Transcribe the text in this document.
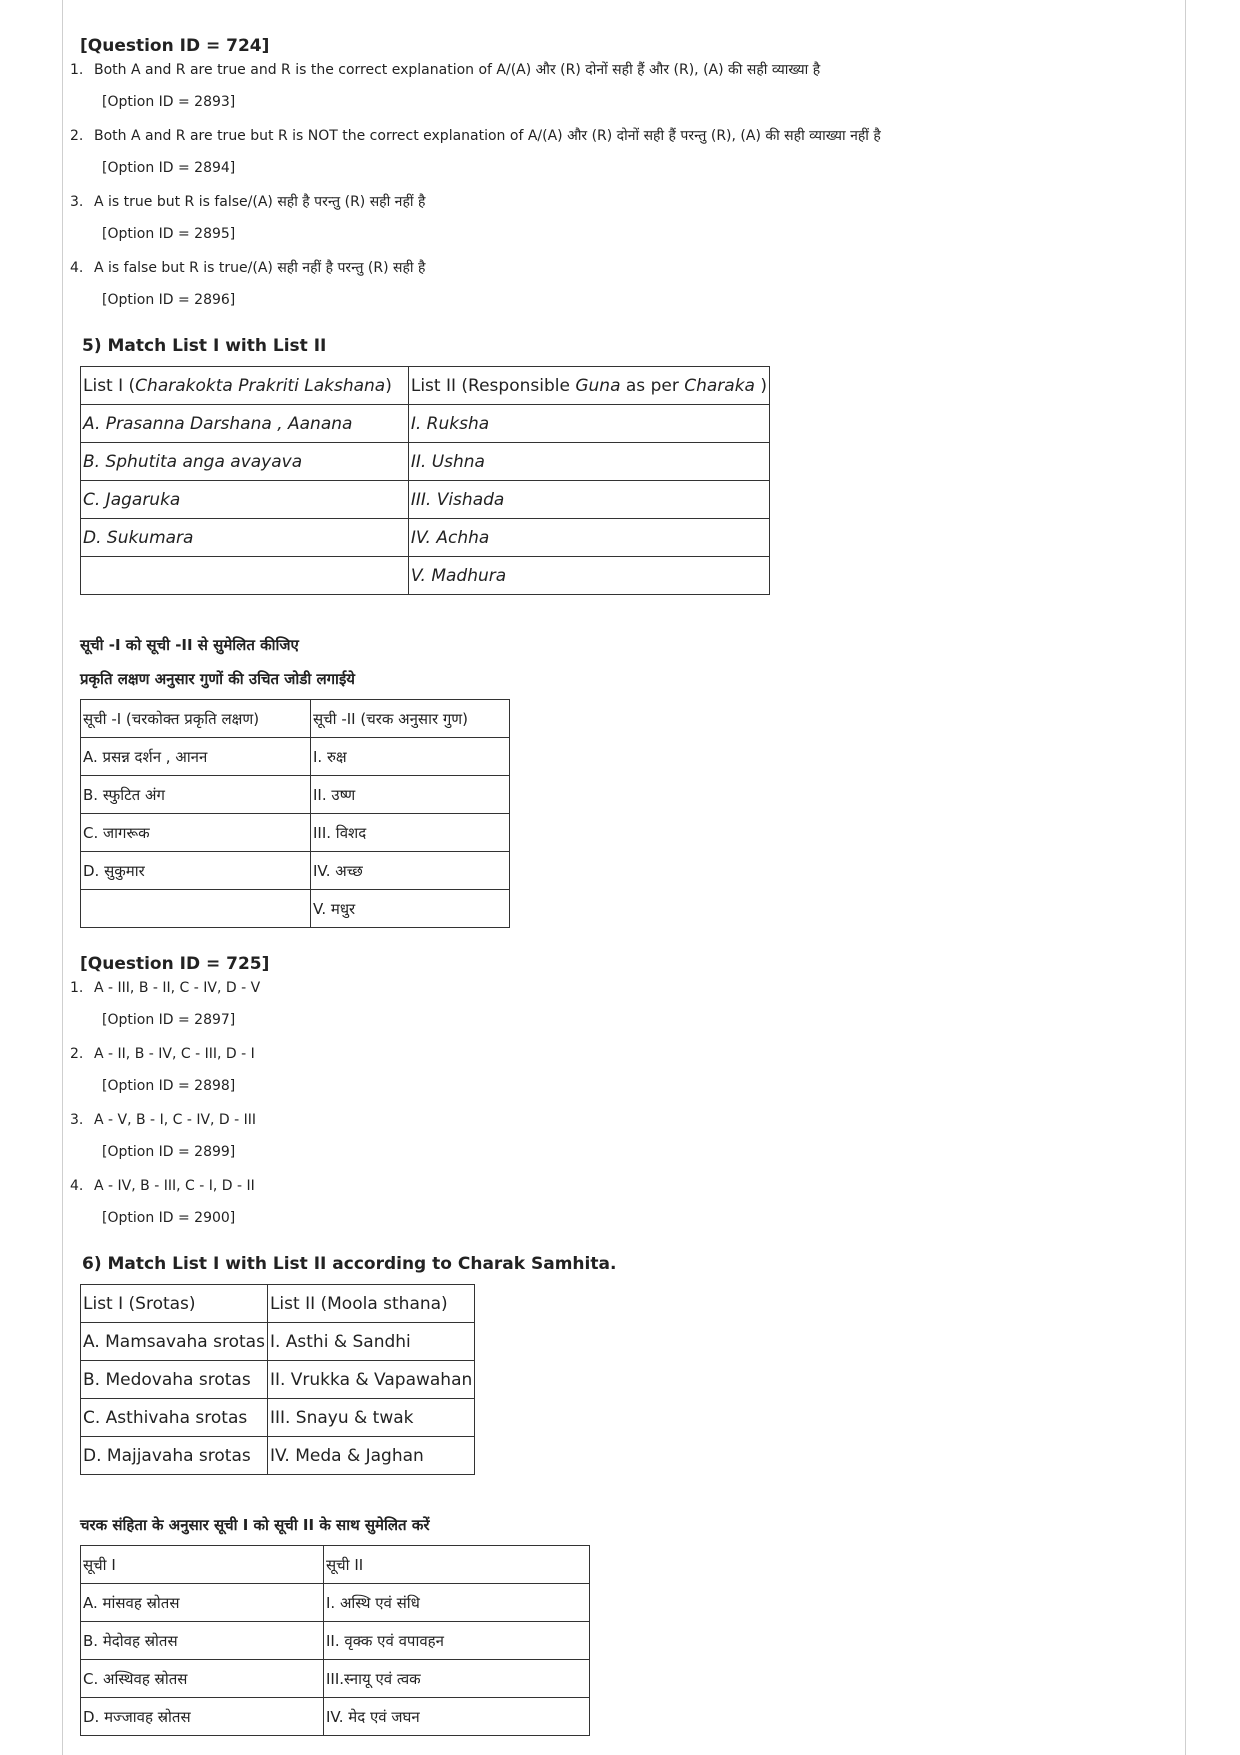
[Question ID = 724]
1. Both A and R are true and R is the correct explanation of A/(A) और (R) दोनों सही हैं और (R), (A) की सही व्याख्या है
[Option ID = 2893]
2. Both A and R are true but R is NOT the correct explanation of A/(A) और (R) दोनों सही हैं परन्तु (R), (A) की सही व्याख्या नहीं है
[Option ID = 2894]
3. A is true but R is false/(A) सही है परन्तु (R) सही नहीं है
[Option ID = 2895]
4. A is false but R is true/(A) सही नहीं है परन्तु (R) सही है
[Option ID = 2896]
5) Match List I with List II
List I (Charakokta Prakriti Lakshana)	List II (Responsible Guna as per Charaka )
A. Prasanna Darshana , Aanana	I. Ruksha
B. Sphutita anga avayava	II. Ushna
C. Jagaruka	III. Vishada
D. Sukumara	IV. Achha
	V. Madhura
सूची -I को सूची -II से सुमेलित कीजिए
प्रकृति लक्षण अनुसार गुणों की उचित जोडी लगाईये
सूची -I (चरकोक्त प्रकृति लक्षण)	सूची -II (चरक अनुसार गुण)
A. प्रसन्न दर्शन , आनन	I. रुक्ष
B. स्फुटित अंग	II. उष्ण
C. जागरूक	III. विशद
D. सुकुमार	IV. अच्छ
	V. मधुर
[Question ID = 725]
1. A - III, B - II, C - IV, D - V
[Option ID = 2897]
2. A - II, B - IV, C - III, D - I
[Option ID = 2898]
3. A - V, B - I, C - IV, D - III
[Option ID = 2899]
4. A - IV, B - III, C - I, D - II
[Option ID = 2900]
6) Match List I with List II according to Charak Samhita.
List I (Srotas)	List II (Moola sthana)
A. Mamsavaha srotas	I. Asthi & Sandhi
B. Medovaha srotas	II. Vrukka & Vapawahan
C. Asthivaha srotas	III. Snayu & twak
D. Majjavaha srotas	IV. Meda & Jaghan
चरक संहिता के अनुसार सूची I को सूची II के साथ सुमेलित करें
सूची I	सूची II
A. मांसवह स्रोतस	I. अस्थि एवं संधि
B. मेदोवह स्रोतस	II. वृक्क एवं वपावहन
C. अस्थिवह स्रोतस	III.स्नायू एवं त्वक
D. मज्जावह स्रोतस	IV. मेद एवं जघन
